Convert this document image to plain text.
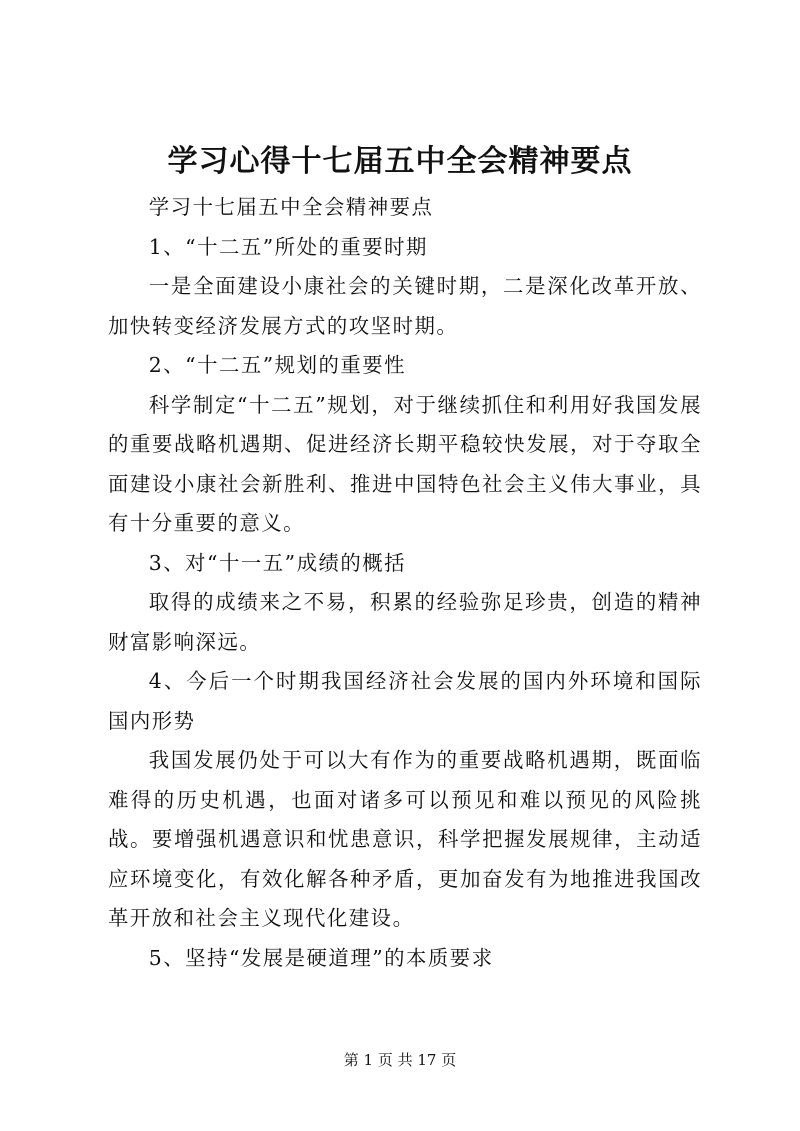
学习心得十七届五中全会精神要点

学习十七届五中全会精神要点

1、“十二五”所处的重要时期

一是全面建设小康社会的关键时期，二是深化改革开放、加快转变经济发展方式的攻坚时期。

2、“十二五”规划的重要性

科学制定“十二五”规划，对于继续抓住和利用好我国发展的重要战略机遇期、促进经济长期平稳较快发展，对于夺取全面建设小康社会新胜利、推进中国特色社会主义伟大事业，具有十分重要的意义。

3、对“十一五”成绩的概括

取得的成绩来之不易，积累的经验弥足珍贵，创造的精神财富影响深远。

4、今后一个时期我国经济社会发展的国内外环境和国际国内形势

我国发展仍处于可以大有作为的重要战略机遇期，既面临难得的历史机遇，也面对诸多可以预见和难以预见的风险挑战。要增强机遇意识和忧患意识，科学把握发展规律，主动适应环境变化，有效化解各种矛盾，更加奋发有为地推进我国改革开放和社会主义现代化建设。

5、坚持“发展是硬道理”的本质要求

第 1 页 共 17 页
